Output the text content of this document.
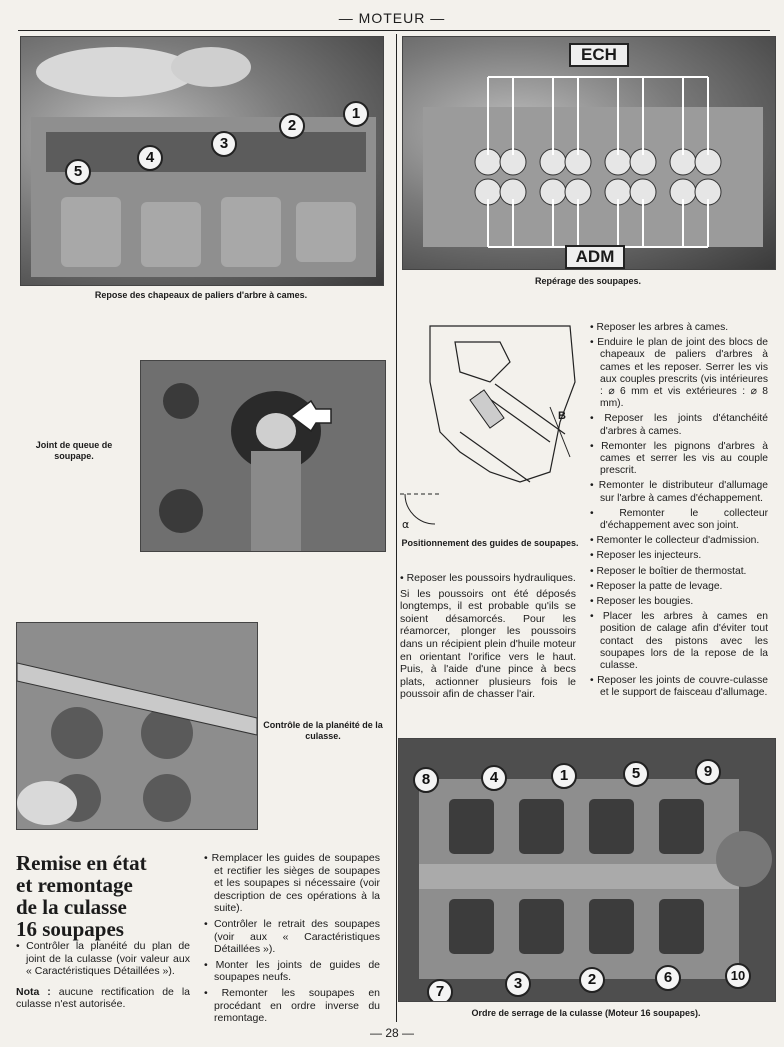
— MOTEUR —
1
2
3
4
5
Repose des chapeaux de paliers d'arbre à cames.
ECH
ADM
Repérage des soupapes.
Joint de queue de soupape.
Contrôle de la planéité de la culasse.
B
α
Positionnement des guides de soupapes.

• Reposer les poussoirs hydrauliques.

Si les poussoirs ont été déposés longtemps, il est probable qu'ils se soient désamorcés. Pour les réamorcer, plonger les poussoirs dans un récipient plein d'huile moteur en orientant l'orifice vers le haut. Puis, à l'aide d'une pince à becs plats, actionner plusieurs fois le poussoir afin de chasser l'air.

• Reposer les arbres à cames.

• Enduire le plan de joint des blocs de chapeaux de paliers d'arbres à cames et les reposer. Serrer les vis aux couples prescrits (vis intérieures : ⌀ 6 mm et vis extérieures : ⌀ 8 mm).

• Reposer les joints d'étanchéité d'arbres à cames.

• Remonter les pignons d'arbres à cames et serrer les vis au couple prescrit.

• Remonter le distributeur d'allumage sur l'arbre à cames d'échappement.

• Remonter le collecteur d'échappement avec son joint.

• Remonter le collecteur d'admission.

• Reposer les injecteurs.

• Reposer le boîtier de thermostat.

• Reposer la patte de levage.

• Reposer les bougies.

• Placer les arbres à cames en position de calage afin d'éviter tout contact des pistons avec les soupapes lors de la repose de la culasse.

• Reposer les joints de couvre-culasse et le support de faisceau d'allumage.

8	4	1	5	9
7	3	2	6	10
Ordre de serrage de la culasse (Moteur 16 soupapes).
Remise en état
et remontage
de la culasse
16 soupapes

• Contrôler la planéité du plan de joint de la culasse (voir valeur aux « Caractéristiques Détaillées »).

Nota : aucune rectification de la culasse n'est autorisée.

• Remplacer les guides de soupapes et rectifier les sièges de soupapes et les soupapes si nécessaire (voir description de ces opérations à la suite).

• Contrôler le retrait des soupapes (voir aux « Caractéristiques Détaillées »).

• Monter les joints de guides de soupapes neufs.

• Remonter les soupapes en procédant en ordre inverse du remontage.

— 28 —
